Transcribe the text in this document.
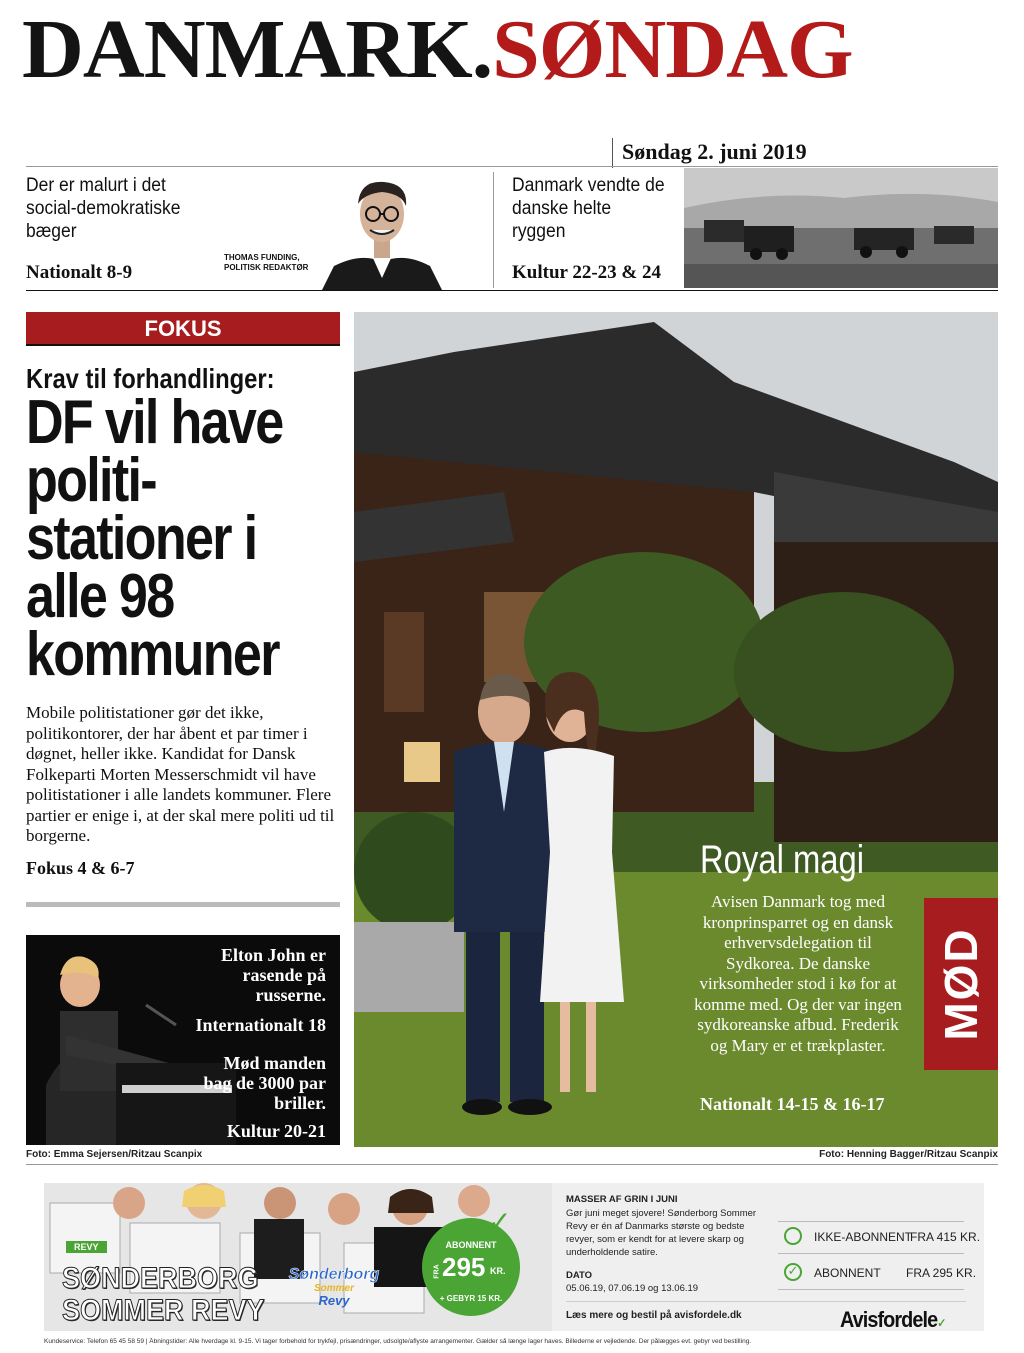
DANMARK.SØNDAG
Søndag 2. juni 2019
Der er malurt i det social-demokratiske bæger
Nationalt 8-9
THOMAS FUNDING, POLITISK REDAKTØR
Danmark vendte de danske helte ryggen
Kultur 22-23 & 24
FOKUS
Krav til forhandlinger:
DF vil have politi-stationer i alle 98 kommuner
Mobile politistationer gør det ikke, politikontorer, der har åbent et par timer i døgnet, heller ikke. Kandidat for Dansk Folkeparti Morten Messerschmidt vil have politistationer i alle landets kommuner. Flere partier er enige i, at der skal mere politi ud til borgerne.
Fokus 4 & 6-7
Elton John er rasende på russerne.
Internationalt 18
Mød manden bag de 3000 par briller.
Kultur 20-21
Foto: Emma Sejersen/Ritzau Scanpix	Foto: Henning Bagger/Ritzau Scanpix
Royal magi
Avisen Danmark tog med kronprinsparret og en dansk erhvervsdelegation til Sydkorea. De danske virksomheder stod i kø for at komme med. Og der var ingen sydkoreanske afbud. Frederik og Mary er et trækplaster.
Nationalt 14-15 & 16-17
MØD
REVY
SØNDERBORG
SOMMER REVY
Sønderborg
Sommer
Revy
ABONNENT
FRA 295 KR.
+ GEBYR 15 KR.
✓
MASSER AF GRIN I JUNI
Gør juni meget sjovere! Sønderborg Sommer Revy er én af Danmarks største og bedste revyer, som er kendt for at levere skarp og underholdende satire.
DATO
05.06.19, 07.06.19 og 13.06.19
IKKE-ABONNENT
FRA 415 KR.
✓ ABONNENT FRA 295 KR.
Læs mere og bestil på avisfordele.dk	Avisfordele✓
Kundeservice: Telefon 65 45 58 59 | Åbningstider: Alle hverdage kl. 9-15. Vi tager forbehold for trykfejl, prisændringer, udsolgte/aflyste arrangementer. Gælder så længe lager haves. Billederne er vejledende. Der pålægges evt. gebyr ved bestilling.
